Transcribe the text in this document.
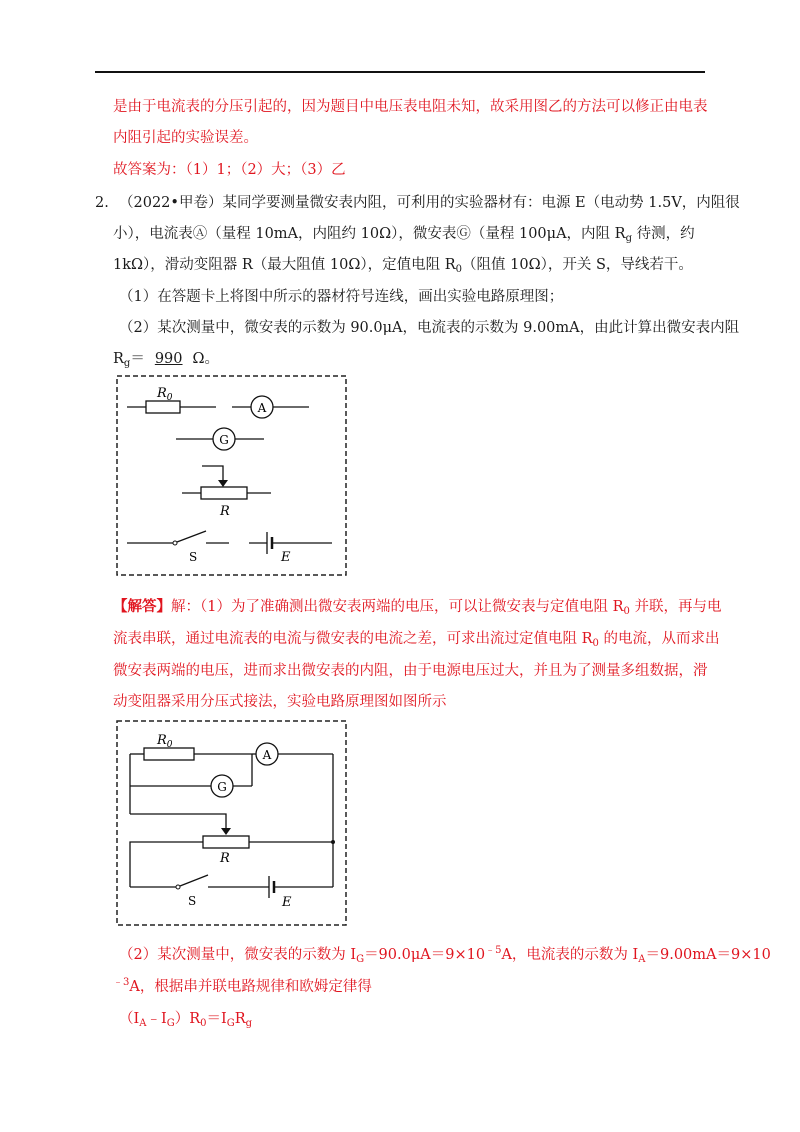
是由于电流表的分压引起的，因为题目中电压表电阻未知，故采用图乙的方法可以修正由电表
内阻引起的实验误差。
故答案为：（1）1；（2）大；（3）乙
2. （2022•甲卷）某同学要测量微安表内阻，可利用的实验器材有：电源 E（电动势 1.5V，内阻很
小），电流表Ⓐ（量程 10mA，内阻约 10Ω），微安表Ⓖ（量程 100μA，内阻 $R_g$ 待测，约
1kΩ），滑动变阻器 R（最大阻值 10Ω），定值电阻 $R_0$（阻值 10Ω），开关 S，导线若干。
（1）在答题卡上将图中所示的器材符号连线，画出实验电路原理图；
（2）某次测量中，微安表的示数为 90.0μA，电流表的示数为 9.00mA，由此计算出微安表内阻
$R_g= 990$ Ω。
$R_0$
A
G
R
S	E
【解答】解：（1）为了准确测出微安表两端的电压，可以让微安表与定值电阻 $R_0$ 并联，再与电
流表串联，通过电流表的电流与微安表的电流之差，可求出流过定值电阻 $R_0$ 的电流，从而求出
微安表两端的电压，进而求出微安表的内阻，由于电源电压过大，并且为了测量多组数据，滑
动变阻器采用分压式接法，实验电路原理图如图所示
$R_0$
G
A
R
S	E
（2）某次测量中，微安表的示数为 $I_G=90.0\mu A=9\times 10^{﹣5}A$，电流表的示数为 $I_A=9.00mA=9\times 10$
$^{﹣3}$A，根据串并联电路规律和欧姆定律得
$(I_A﹣I_G)R_0=I_GR_g$
